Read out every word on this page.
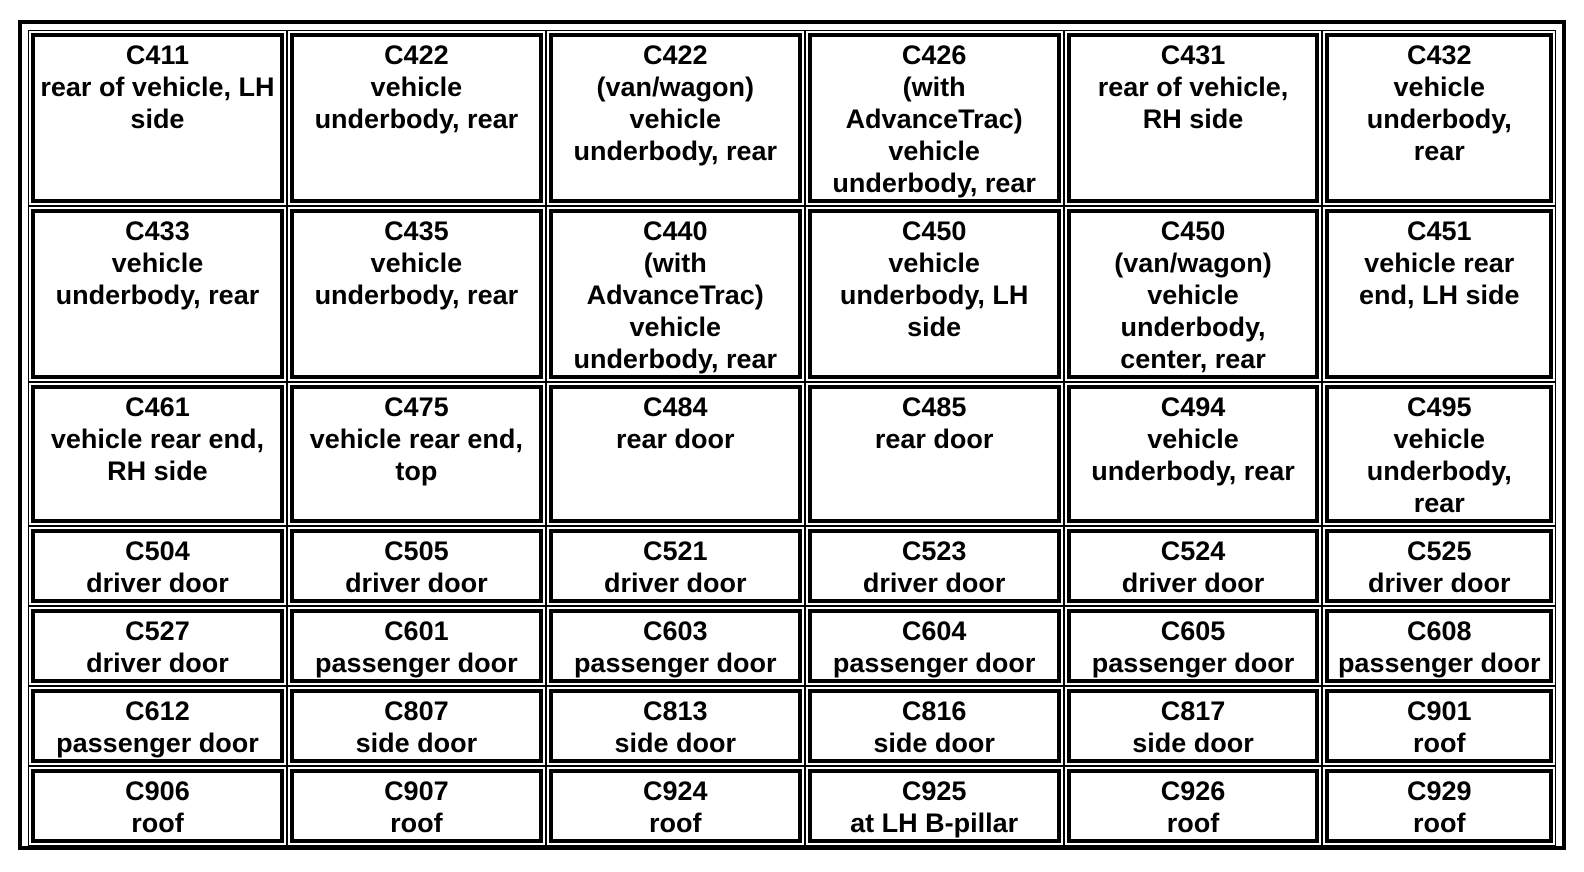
C411
rear of vehicle, LH
side	C422
vehicle
underbody, rear	C422
(van/wagon)
vehicle
underbody, rear	C426
(with
AdvanceTrac)
vehicle
underbody, rear	C431
rear of vehicle,
RH side	C432
vehicle
underbody,
rear
C433
vehicle
underbody, rear	C435
vehicle
underbody, rear	C440
(with
AdvanceTrac)
vehicle
underbody, rear	C450
vehicle
underbody, LH
side	C450
(van/wagon)
vehicle
underbody,
center, rear	C451
vehicle rear
end, LH side
C461
vehicle rear end,
RH side	C475
vehicle rear end,
top	C484
rear door	C485
rear door	C494
vehicle
underbody, rear	C495
vehicle
underbody,
rear
C504
driver door	C505
driver door	C521
driver door	C523
driver door	C524
driver door	C525
driver door
C527
driver door	C601
passenger door	C603
passenger door	C604
passenger door	C605
passenger door	C608
passenger door
C612
passenger door	C807
side door	C813
side door	C816
side door	C817
side door	C901
roof
C906
roof	C907
roof	C924
roof	C925
at LH B-pillar	C926
roof	C929
roof
